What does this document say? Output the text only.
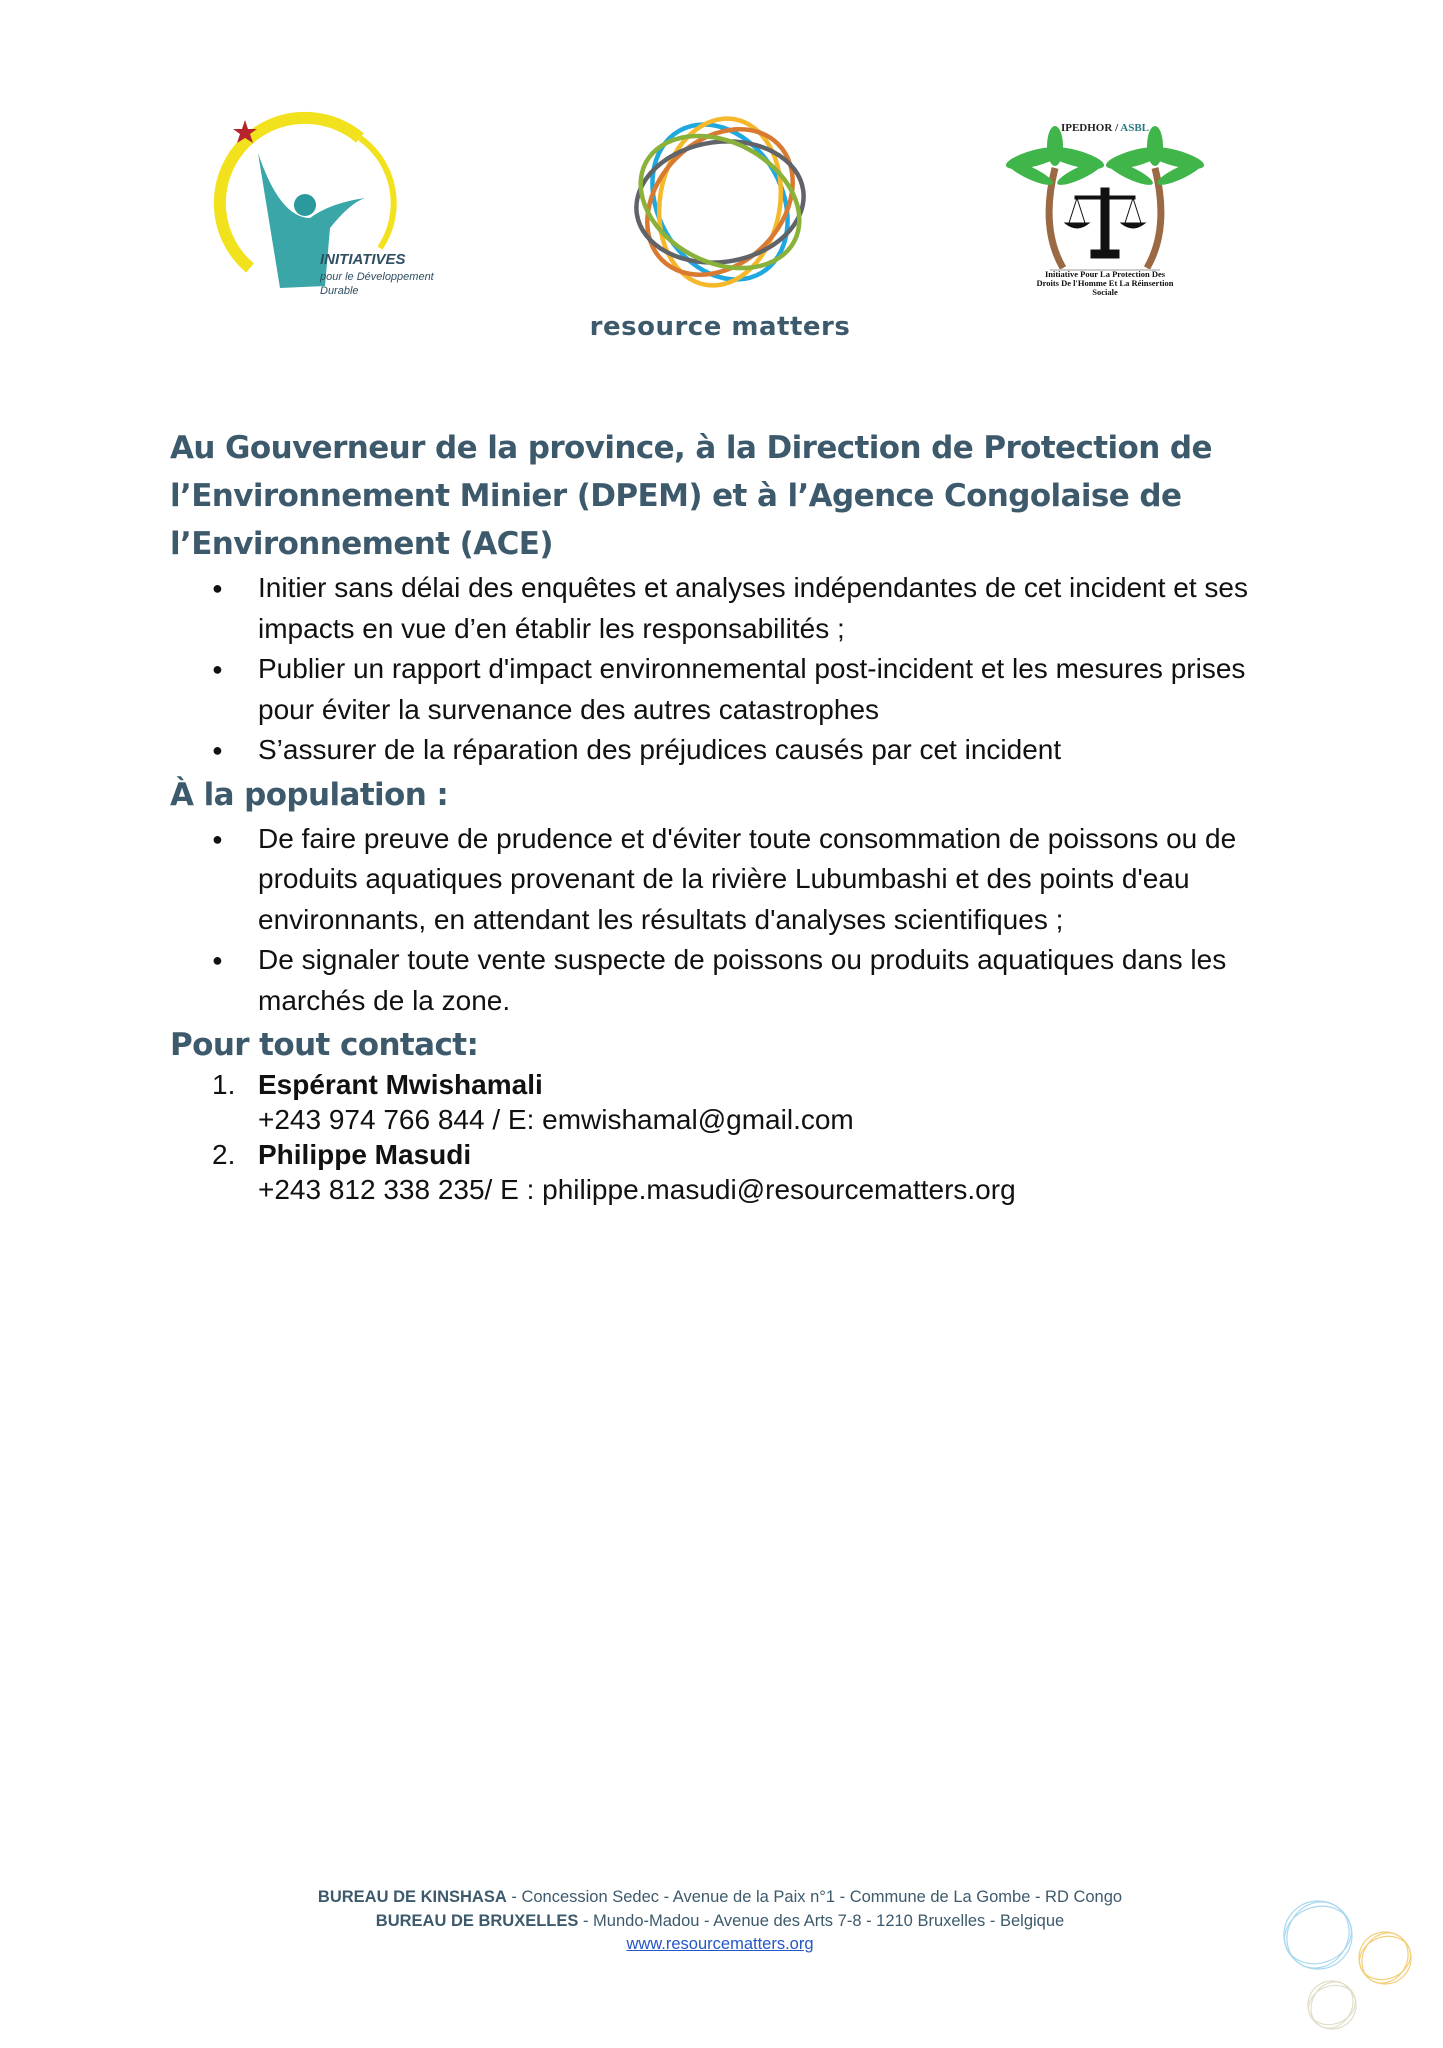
INITIATIVES
pour le Développement
Durable
resource matters
IPEDHOR / ASBL
Initiative Pour La Protection Des
Droits De l'Homme Et La Réinsertion
Sociale
Au Gouverneur de la province, à la Direction de Protection de l’Environnement Minier (DPEM) et à l’Agence Congolaise de l’Environnement (ACE)
● Initier sans délai des enquêtes et analyses indépendantes de cet incident et ses impacts en vue d’en établir les responsabilités ;
● Publier un rapport d'impact environnemental post-incident et les mesures prises pour éviter la survenance des autres catastrophes
● S’assurer de la réparation des préjudices causés par cet incident
À la population :
● De faire preuve de prudence et d'éviter toute consommation de poissons ou de produits aquatiques provenant de la rivière Lubumbashi et des points d'eau environnants, en attendant les résultats d'analyses scientifiques ;
● De signaler toute vente suspecte de poissons ou produits aquatiques dans les marchés de la zone.
Pour tout contact:
1. Espérant Mwishamali
+243 974 766 844 / E: emwishamal@gmail.com
2. Philippe Masudi
+243 812 338 235/ E : philippe.masudi@resourcematters.org
BUREAU DE KINSHASA - Concession Sedec - Avenue de la Paix n°1 - Commune de La Gombe - RD Congo
BUREAU DE BRUXELLES - Mundo-Madou - Avenue des Arts 7-8 - 1210 Bruxelles - Belgique
www.resourcematters.org
